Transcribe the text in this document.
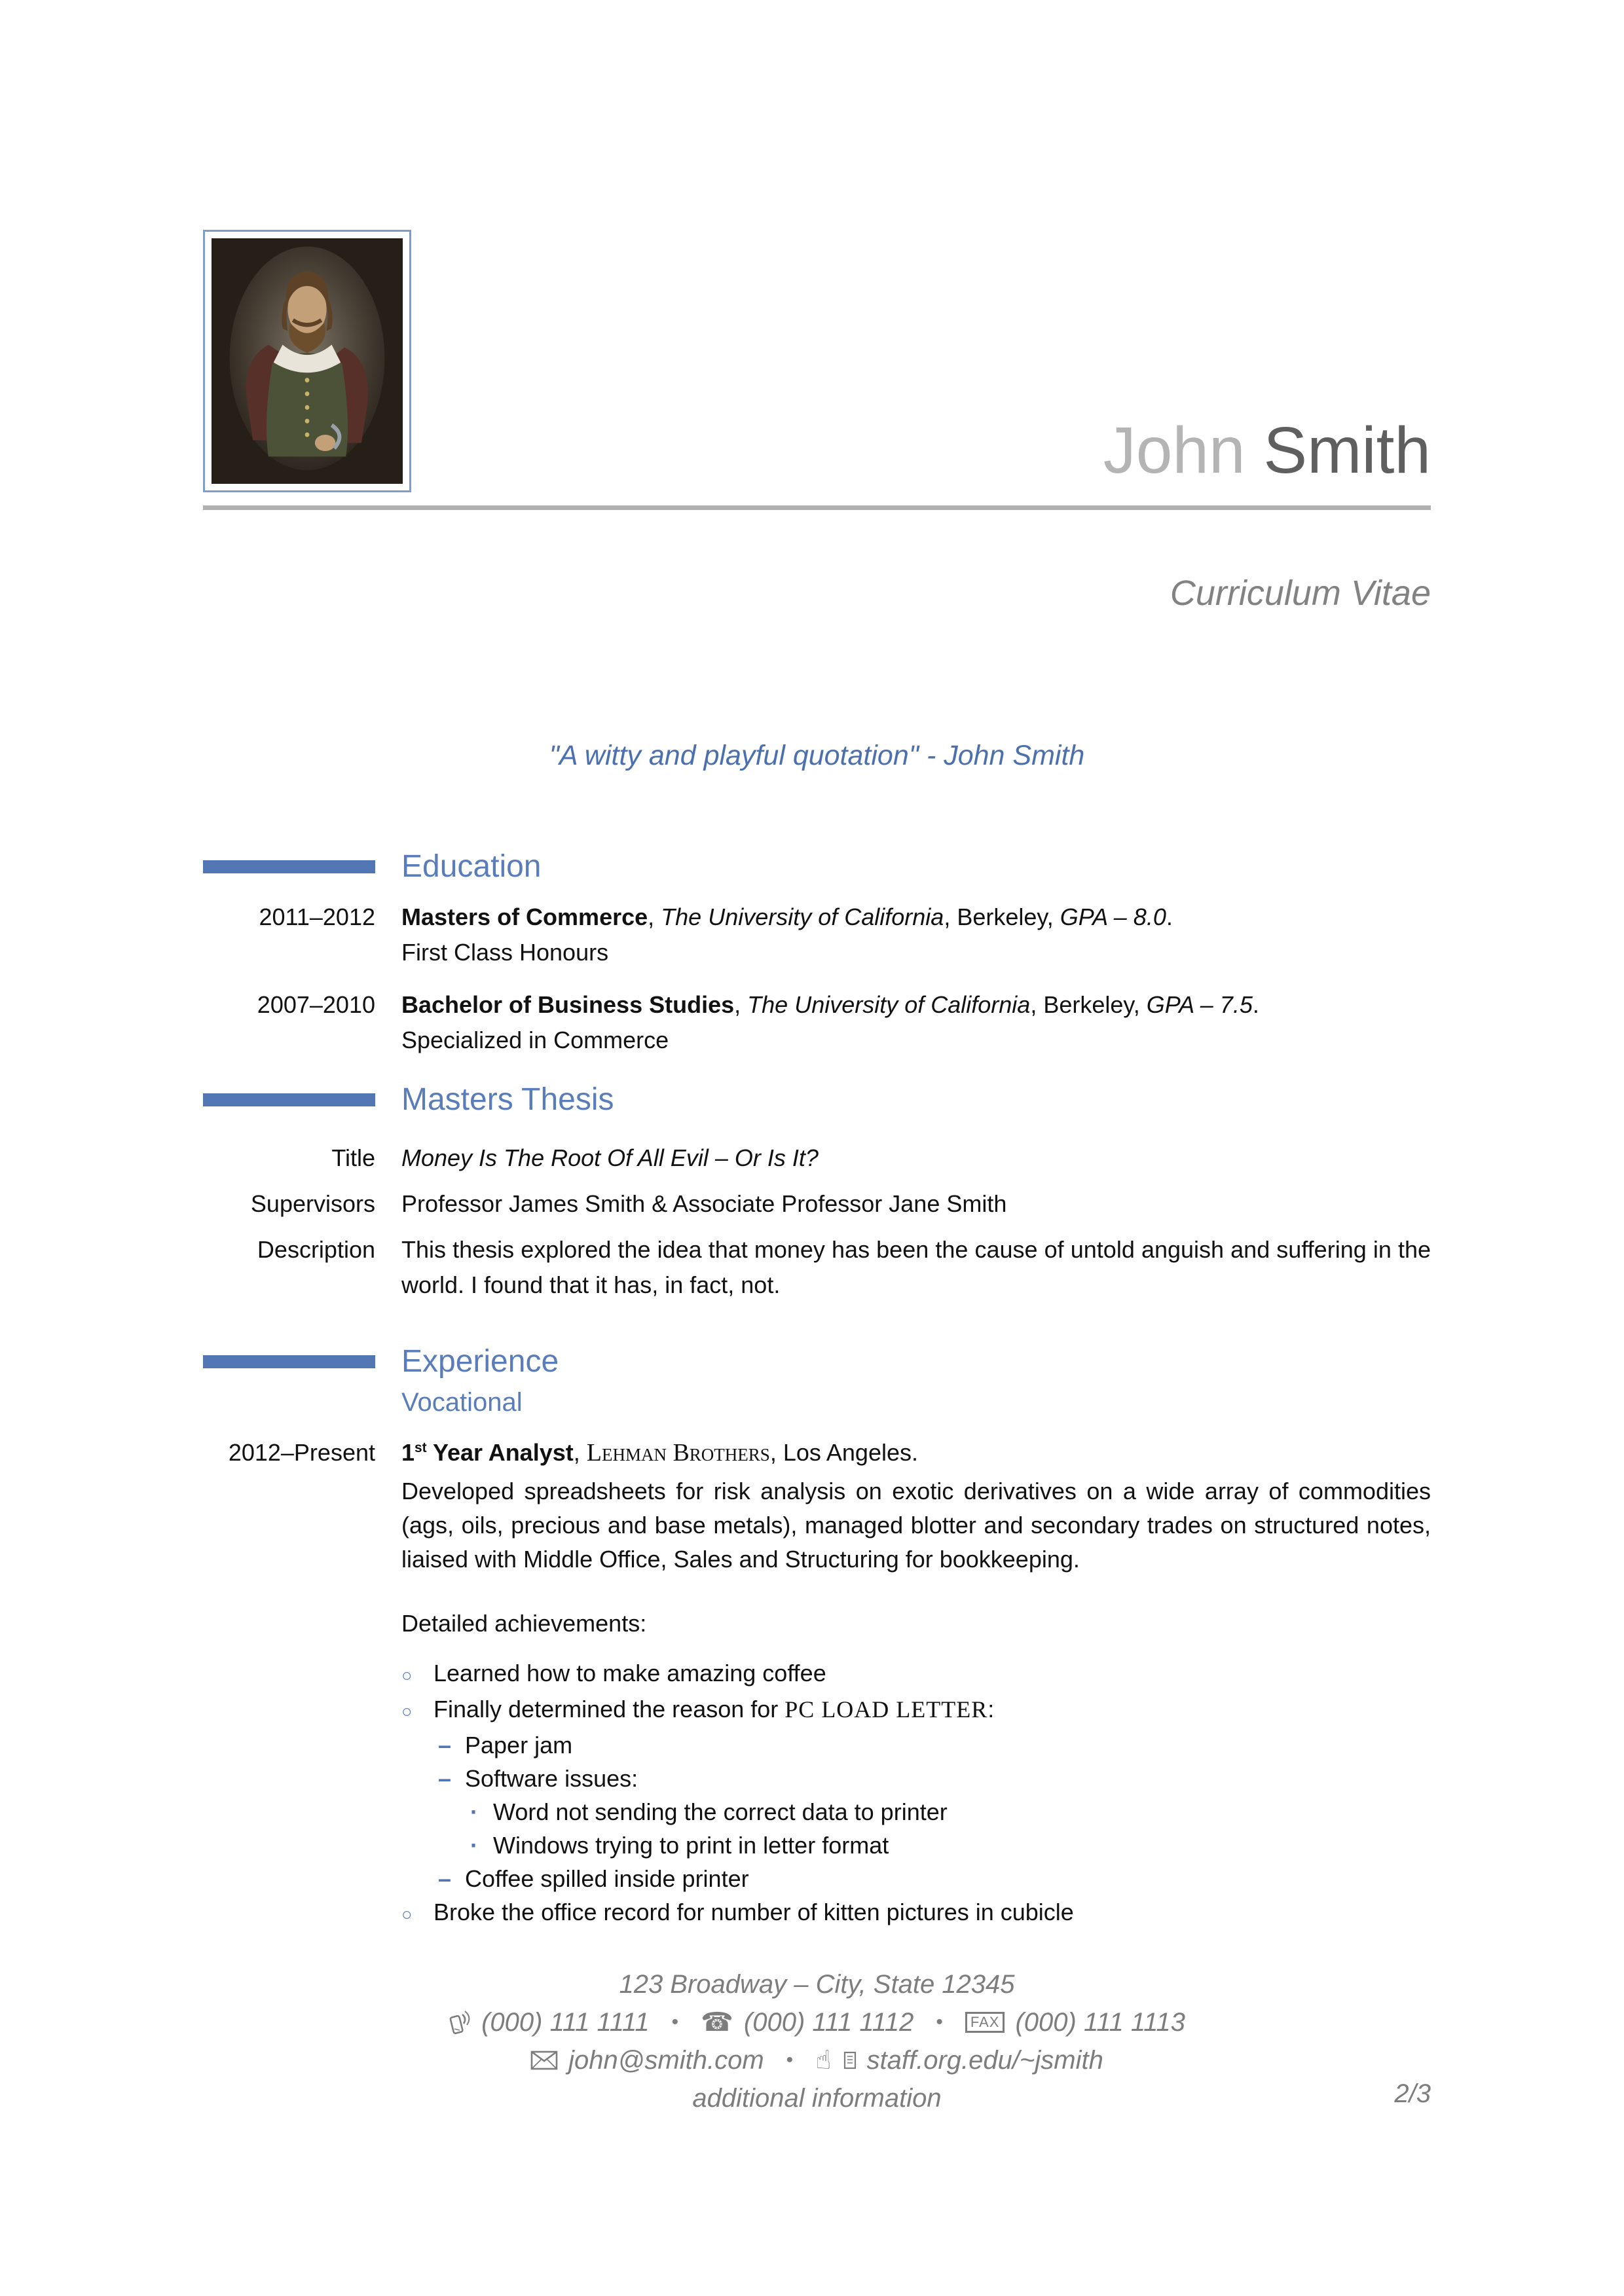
John Smith
Curriculum Vitae
"A witty and playful quotation" - John Smith
Education
2011–2012 Masters of Commerce, The University of California, Berkeley, GPA – 8.0.
First Class Honours
2007–2010 Bachelor of Business Studies, The University of California, Berkeley, GPA – 7.5.
Specialized in Commerce
Masters Thesis
Title Money Is The Root Of All Evil – Or Is It?
Supervisors Professor James Smith & Associate Professor Jane Smith
Description This thesis explored the idea that money has been the cause of untold anguish and suffering in the world. I found that it has, in fact, not.
Experience
Vocational
2012–Present 1st Year Analyst, Lehman Brothers, Los Angeles.
Developed spreadsheets for risk analysis on exotic derivatives on a wide array of commodities (ags, oils, precious and base metals), managed blotter and secondary trades on structured notes, liaised with Middle Office, Sales and Structuring for bookkeeping.
Detailed achievements:
○ Learned how to make amazing coffee
○ Finally determined the reason for PC LOAD LETTER:
– Paper jam
– Software issues:
· Word not sending the correct data to printer
· Windows trying to print in letter format
– Coffee spilled inside printer
○ Broke the office record for number of kitten pictures in cubicle
123 Broadway – City, State 12345
(000) 111 1111 • ☎ (000) 111 1112 •	FAX (000) 111 1113
john@smith.com • ☝ staff.org.edu/~jsmith
additional information	2/3
